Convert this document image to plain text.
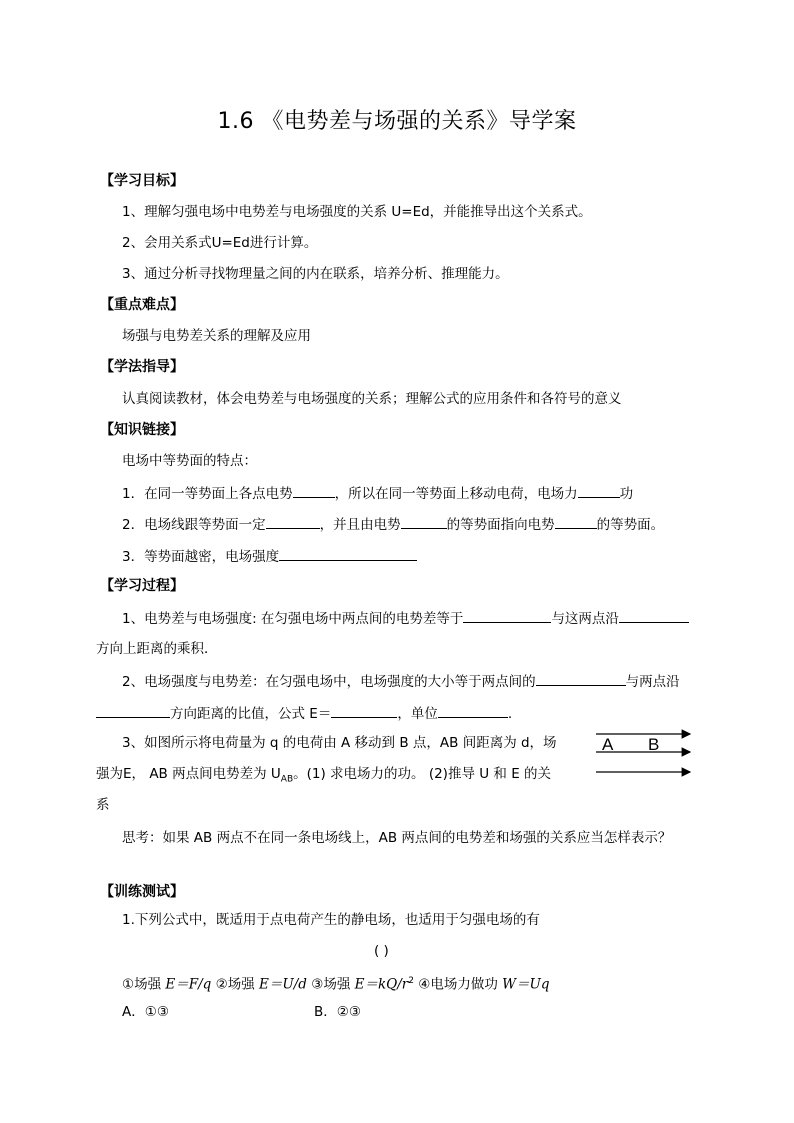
1.6 《电势差与场强的关系》导学案
【学习目标】
1、理解匀强电场中电势差与电场强度的关系 U=Ed，并能推导出这个关系式。
2、会用关系式U=Ed进行计算。
3、通过分析寻找物理量之间的内在联系，培养分析、推理能力。
【重点难点】
场强与电势差关系的理解及应用
【学法指导】
认真阅读教材，体会电势差与电场强度的关系；理解公式的应用条件和各符号的意义
【知识链接】
电场中等势面的特点：
1．在同一等势面上各点电势	，所以在同一等势面上移动电荷，电场力	功
2．电场线跟等势面一定	，并且由电势	的等势面指向电势	的等势面。
3．等势面越密，电场强度
【学习过程】
1、电势差与电场强度: 在匀强电场中两点间的电势差等于	与这两点沿
方向上距离的乘积．
2、电场强度与电势差：在匀强电场中，电场强度的大小等于两点间的	与两点沿
方向距离的比值，公式 E＝	，单位	.
3、如图所示将电荷量为 q 的电荷由 A 移动到 B 点，AB 间距离为 d，场
强为E， AB 两点间电势差为 $U_{AB}$。(1) 求电场力的功。 (2)推导 U 和 E 的关
系
A B
思考：如果 AB 两点不在同一条电场线上，AB 两点间的电势差和场强的关系应当怎样表示？
【训练测试】
1.下列公式中，既适用于点电荷产生的静电场，也适用于匀强电场的有
( )
①场强 E＝F/q ②场强 E＝U/d ③场强 $E=kQ/r^2$ ④电场力做功 W＝Uq
A．①③	B．②③
